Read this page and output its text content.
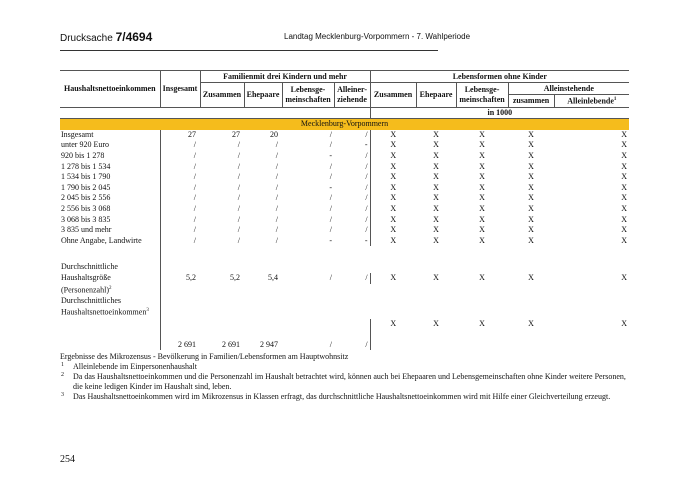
Drucksache 7/4694	Landtag Mecklenburg-Vorpommern - 7. Wahlperiode
Haushaltsnettoeinkommen	Insgesamt	Familienmit drei Kindern und mehr				Lebensformen ohne Kinder				
		Zusammen	Ehepaare	Lebensge- meinschaften	Alleiner- ziehende	Zusammen	Ehepaare	Lebensge- meinschaften	Alleinstehende	
									zusammen	Alleinlebende$^1$
						in 1000				
Mecklenburg-Vorpommern										
Insgesamt	27	27	20	/	/	X	X	X	X	X
unter 920 Euro	/	/	/	/	-	X	X	X	X	X
920 bis 1 278	/	/	/	-	/	X	X	X	X	X
1 278 bis 1 534	/	/	/	/	/	X	X	X	X	X
1 534 bis 1 790	/	/	/	/	/	X	X	X	X	X
1 790 bis 2 045	/	/	/	-	/	X	X	X	X	X
2 045 bis 2 556	/	/	/	/	/	X	X	X	X	X
2 556 bis 3 068	/	/	/	/	/	X	X	X	X	X
3 068 bis 3 835	/	/	/	/	/	X	X	X	X	X
3 835 und mehr	/	/	/	/	/	X	X	X	X	X
Ohne Angabe, Landwirte	/	/	/	-	-	X	X	X	X	X

Durchschnittliche										
Haushaltsgröße	5,2	5,2	5,4	/	/	X	X	X	X	X
(Personenzahl)$^2$	
Durchschnittliches										
Haushaltsnettoeinkommen$^3$	
						X	X	X	X	X

	2 691	2 691	2 947	/	/					
Ergebnisse des Mikrozensus - Bevölkerung in Familien/Lebensformen am Hauptwohnsitz
1 Alleinlebende im Einpersonenhaushalt
2 Da das Haushaltsnettoeinkommen und die Personenzahl im Haushalt betrachtet wird, können auch bei Ehepaaren und Lebensgemeinschaften ohne Kinder weitere Personen, die keine ledigen Kinder im Haushalt sind, leben.
3 Das Haushaltsnettoeinkommen wird im Mikrozensus in Klassen erfragt, das durchschnittliche Haushaltsnettoeinkommen wird mit Hilfe einer Gleichverteilung erzeugt.
254
